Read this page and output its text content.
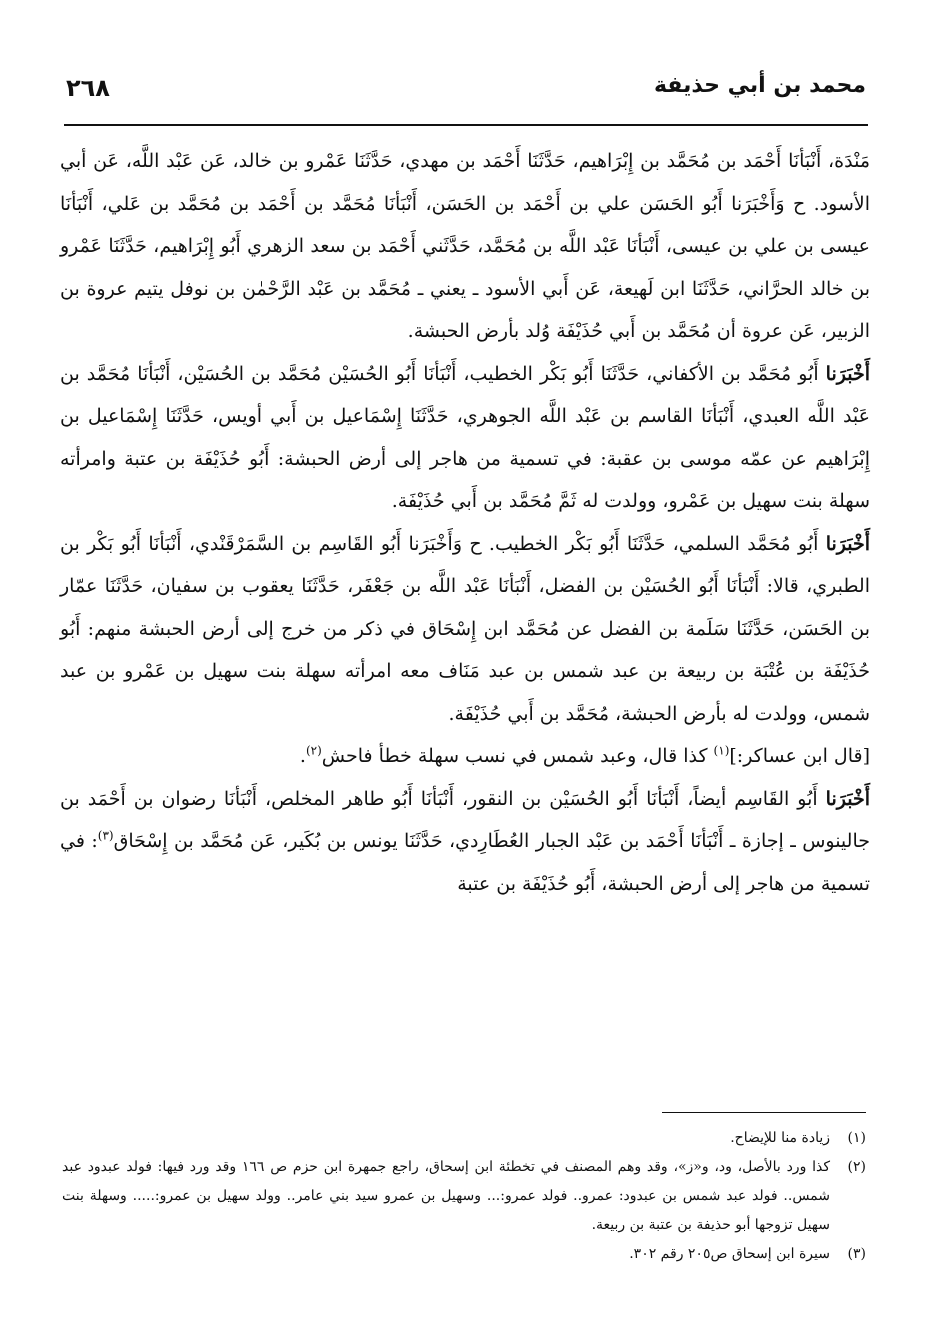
محمد بن أبي حذيفة
٢٦٨

مَنْدَة، أَنْبَأنَا أَحْمَد بن مُحَمَّد بن إِبْرَاهيم، حَدَّثَنَا أَحْمَد بن مهدي، حَدَّثَنَا عَمْرو بن خالد، عَن عَبْد اللَّه، عَن أبي الأسود. ح وَأَخْبَرَنا أَبُو الحَسَن علي بن أَحْمَد بن الحَسَن، أَنْبَأنَا مُحَمَّد بن أَحْمَد بن مُحَمَّد بن عَلي، أَنْبَأنَا عيسى بن علي بن عيسى، أَنْبَأنَا عَبْد اللَّه بن مُحَمَّد، حَدَّثَني أَحْمَد بن سعد الزهري أَبُو إِبْرَاهيم، حَدَّثَنَا عَمْرو بن خالد الحرَّاني، حَدَّثَنَا ابن لَهيعة، عَن أَبي الأسود ـ يعني ـ مُحَمَّد بن عَبْد الرَّحْمٰن بن نوفل يتيم عروة بن الزبير، عَن عروة أن مُحَمَّد بن أَبي حُذَيْفَة وُلد بأرض الحبشة.

أَخْبَرَنا أَبُو مُحَمَّد بن الأكفاني، حَدَّثَنَا أَبُو بَكْر الخطيب، أَنْبَأنَا أَبُو الحُسَيْن مُحَمَّد بن الحُسَيْن، أَنْبَأنَا مُحَمَّد بن عَبْد اللَّه العبدي، أَنْبَأنَا القاسم بن عَبْد اللَّه الجوهري، حَدَّثَنَا إِسْمَاعيل بن أَبي أويس، حَدَّثَنَا إِسْمَاعيل بن إِبْرَاهيم عن عمّه موسى بن عقبة: في تسمية من هاجر إلى أرض الحبشة: أَبُو حُذَيْفَة بن عتبة وامرأته سهلة بنت سهيل بن عَمْرو، وولدت له ثَمَّ مُحَمَّد بن أَبي حُذَيْفَة.

أَخْبَرَنا أَبُو مُحَمَّد السلمي، حَدَّثَنَا أَبُو بَكْر الخطيب. ح وَأَخْبَرَنا أَبُو القَاسِم بن السَّمَرْقَنْدي، أَنْبَأنَا أَبُو بَكْر بن الطبري، قالا: أَنْبَأنَا أَبُو الحُسَيْن بن الفضل، أَنْبَأنَا عَبْد اللَّه بن جَعْفَر، حَدَّثَنَا يعقوب بن سفيان، حَدَّثَنَا عمّار بن الحَسَن، حَدَّثَنَا سَلَمة بن الفضل عن مُحَمَّد ابن إِسْحَاق في ذكر من خرج إلى أرض الحبشة منهم: أَبُو حُذَيْفَة بن عُتْبَة بن ربيعة بن عبد شمس بن عبد مَنَاف معه امرأته سهلة بنت سهيل بن عَمْرو بن عبد شمس، وولدت له بأرض الحبشة، مُحَمَّد بن أَبي حُذَيْفَة.

[قال ابن عساكر:]$^{(١)}$ كذا قال، وعبد شمس في نسب سهلة خطأ فاحش$^{(٢)}$.

أَخْبَرَنا أَبُو القَاسِم أيضاً، أَنْبَأنَا أَبُو الحُسَيْن بن النقور، أَنْبَأنَا أَبُو طاهر المخلص، أَنْبَأنَا رضوان بن أَحْمَد بن جالينوس ـ إجازة ـ أَنْبَأنَا أَحْمَد بن عَبْد الجبار العُطَارِدي، حَدَّثَنَا يونس بن بُكَير، عَن مُحَمَّد بن إِسْحَاق$^{(٣)}$: في تسمية من هاجر إلى أرض الحبشة، أَبُو حُذَيْفَة بن عتبة

(١)
زيادة منا للإيضاح.
(٢)
كذا ورد بالأصل، ود، و«ز»، وقد وهم المصنف في تخطئة ابن إسحاق، راجع جمهرة ابن حزم ص ١٦٦ وقد ورد فيها: فولد عبدود عبد شمس.. فولد عبد شمس بن عبدود: عمرو.. فولد عمرو:... وسهيل بن عمرو سيد بني عامر.. وولد سهيل بن عمرو:..... وسهلة بنت سهيل تزوجها أبو حذيفة بن عتبة بن ربيعة.
(٣)
سيرة ابن إسحاق ص٢٠٥ رقم ٣٠٢.
